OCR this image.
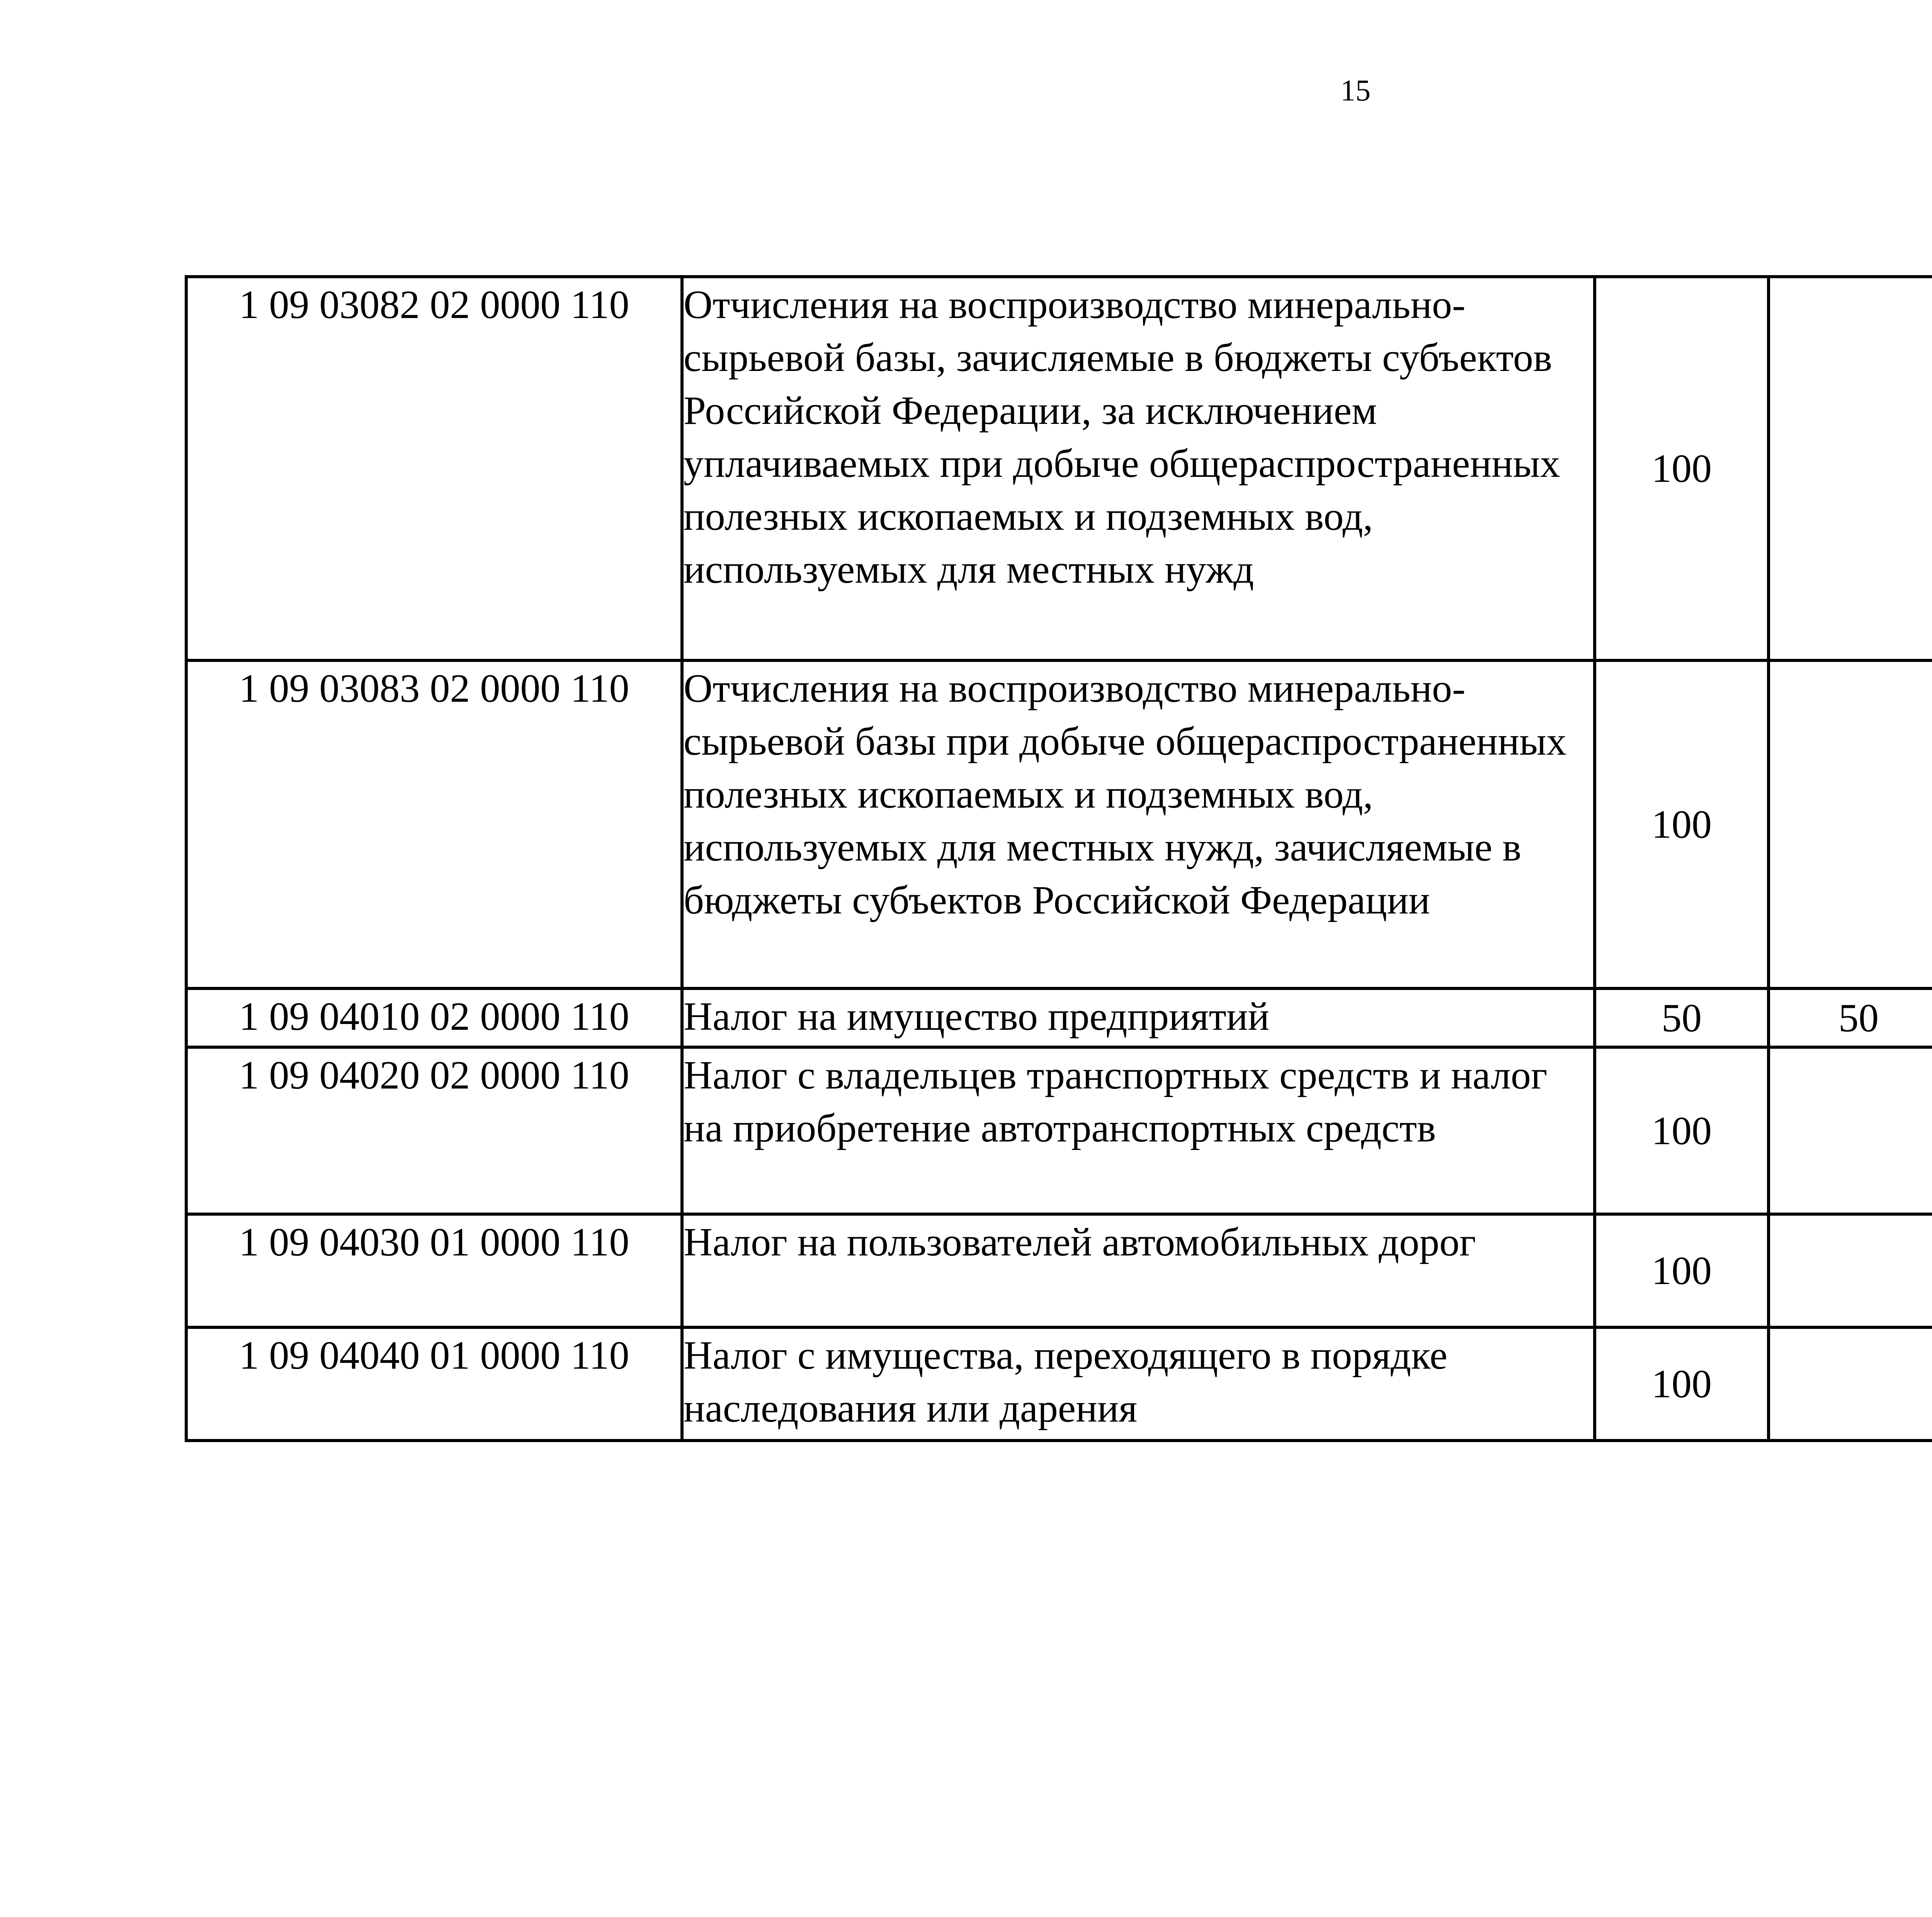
15
1 09 03082 02 0000 110	Отчисления на воспроизводство минерально-сырьевой базы, зачисляемые в бюджеты субъектов Российской Федерации, за исключением уплачиваемых при добыче общераспространенных полезных ископаемых и подземных вод, используемых для местных нужд	100				
1 09 03083 02 0000 110	Отчисления на воспроизводство минерально-сырьевой базы при добыче общераспространенных полезных ископаемых и подземных вод, используемых для местных нужд, зачисляемые в бюджеты субъектов Российской Федерации	100				
1 09 04010 02 0000 110	Налог на имущество предприятий	50	50			
1 09 04020 02 0000 110	Налог с владельцев транспортных средств и налог на приобретение автотранспортных средств	100				
1 09 04030 01 0000 110	Налог на пользователей автомобильных дорог	100				
1 09 04040 01 0000 110	Налог с имущества, переходящего в порядке наследования или дарения	100				
